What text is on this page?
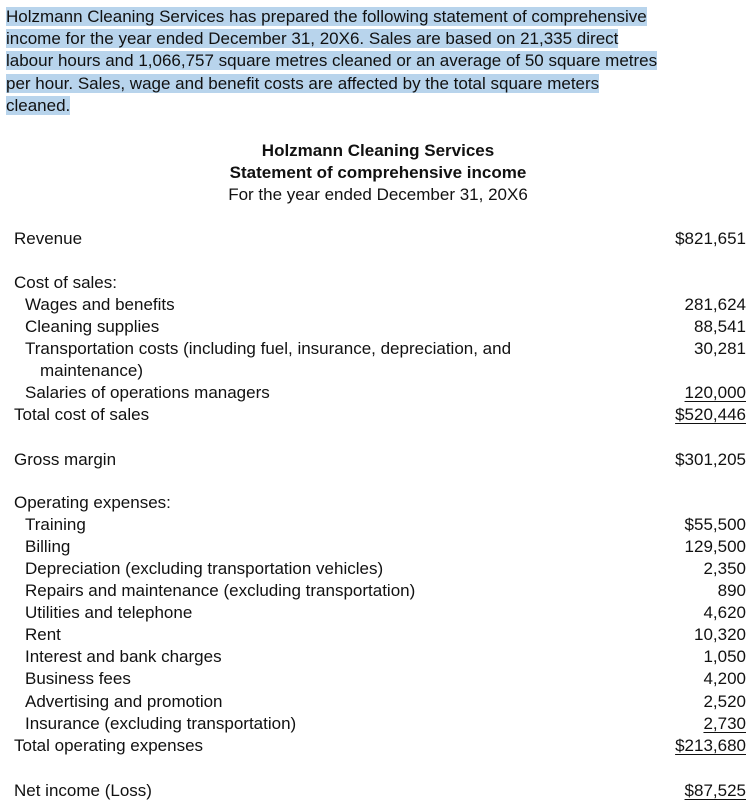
Holzmann Cleaning Services has prepared the following statement of comprehensive
income for the year ended December 31, 20X6. Sales are based on 21,335 direct
labour hours and 1,066,757 square metres cleaned or an average of 50 square metres
per hour. Sales, wage and benefit costs are affected by the total square meters
cleaned.
Holzmann Cleaning Services
Statement of comprehensive income
For the year ended December 31, 20X6
Revenue	$821,651
Cost of sales:
Wages and benefits	281,624
Cleaning supplies	88,541
Transportation costs (including fuel, insurance, depreciation, and	30,281
maintenance)
Salaries of operations managers	120,000
Total cost of sales	$520,446
Gross margin	$301,205
Operating expenses:
Training	$55,500
Billing	129,500
Depreciation (excluding transportation vehicles)	2,350
Repairs and maintenance (excluding transportation)	890
Utilities and telephone	4,620
Rent	10,320
Interest and bank charges	1,050
Business fees	4,200
Advertising and promotion	2,520
Insurance (excluding transportation)	2,730
Total operating expenses	$213,680
Net income (Loss)	$87,525
